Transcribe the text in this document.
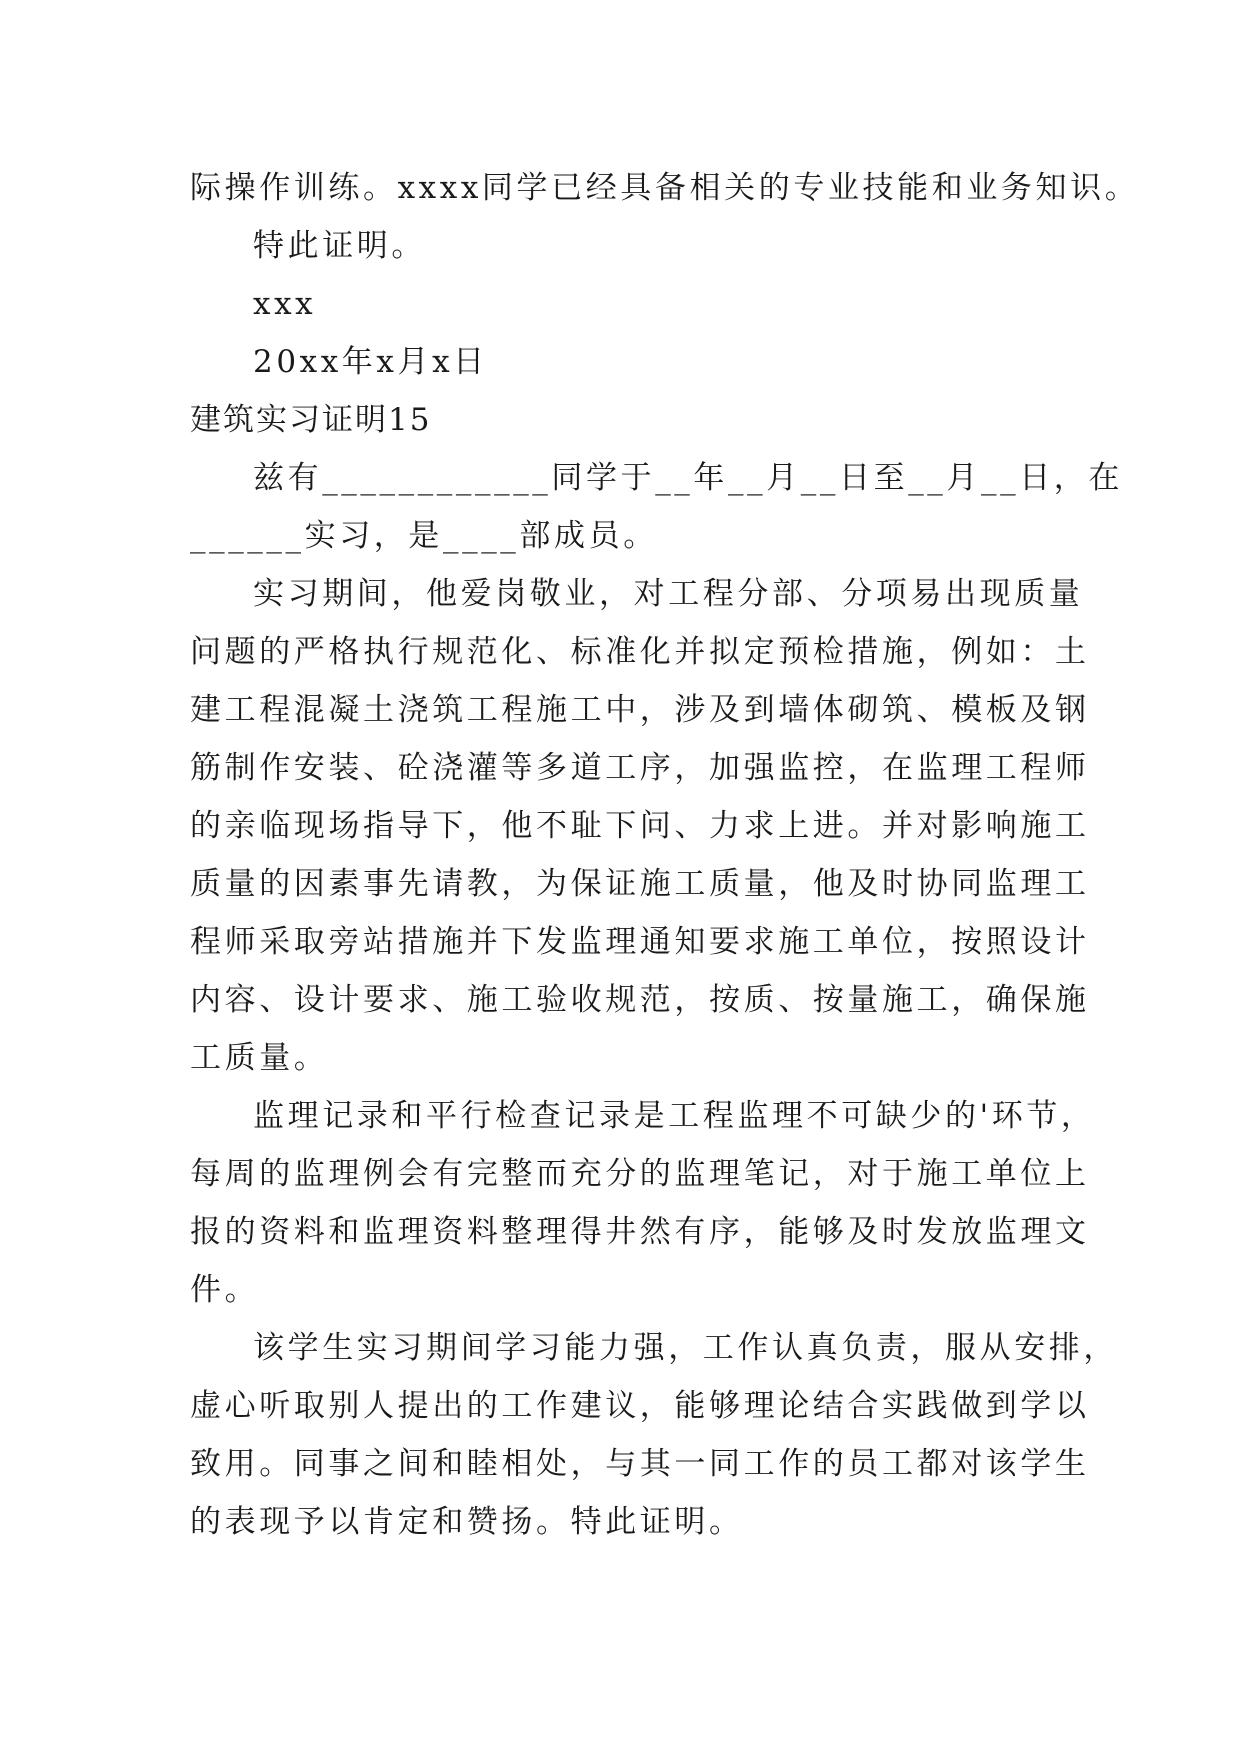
际操作训练。xxxx同学已经具备相关的专业技能和业务知识。
特此证明。
xxx
20xx年x月x日
建筑实习证明15
兹有____________同学于__年__月__日至__月__日，在
______实习，是____部成员。
实习期间，他爱岗敬业，对工程分部、分项易出现质量
问题的严格执行规范化、标准化并拟定预检措施，例如：土
建工程混凝土浇筑工程施工中，涉及到墙体砌筑、模板及钢
筋制作安装、砼浇灌等多道工序，加强监控，在监理工程师
的亲临现场指导下，他不耻下问、力求上进。并对影响施工
质量的因素事先请教，为保证施工质量，他及时协同监理工
程师采取旁站措施并下发监理通知要求施工单位，按照设计
内容、设计要求、施工验收规范，按质、按量施工，确保施
工质量。
监理记录和平行检查记录是工程监理不可缺少的'环节，
每周的监理例会有完整而充分的监理笔记，对于施工单位上
报的资料和监理资料整理得井然有序，能够及时发放监理文
件。
该学生实习期间学习能力强，工作认真负责，服从安排，
虚心听取别人提出的工作建议，能够理论结合实践做到学以
致用。同事之间和睦相处，与其一同工作的员工都对该学生
的表现予以肯定和赞扬。特此证明。
